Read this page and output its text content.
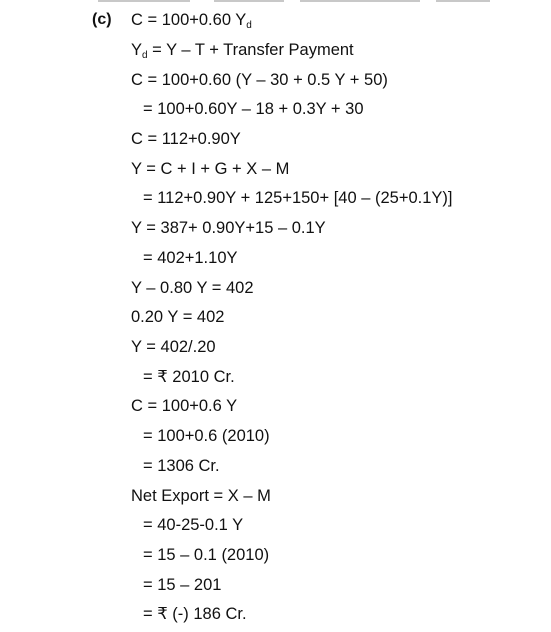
(c) C = 100+0.60 $Y_d$
$Y_d = Y - T$ + Transfer Payment
C = 100+0.60 (Y – 30 + 0.5 Y + 50)
= 100+0.60Y – 18 + 0.3Y + 30
C = 112+0.90Y
Y = C + I + G + X – M
= 112+0.90Y + 125+150+ [40 – (25+0.1Y)]
Y = 387+ 0.90Y+15 – 0.1Y
= 402+1.10Y
Y – 0.80 Y = 402
0.20 Y = 402
Y = 402/.20
= ₹ 2010 Cr.
C = 100+0.6 Y
= 100+0.6 (2010)
= 1306 Cr.
Net Export = X – M
= 40-25-0.1 Y
= 15 – 0.1 (2010)
= 15 – 201
= ₹ (-) 186 Cr.
